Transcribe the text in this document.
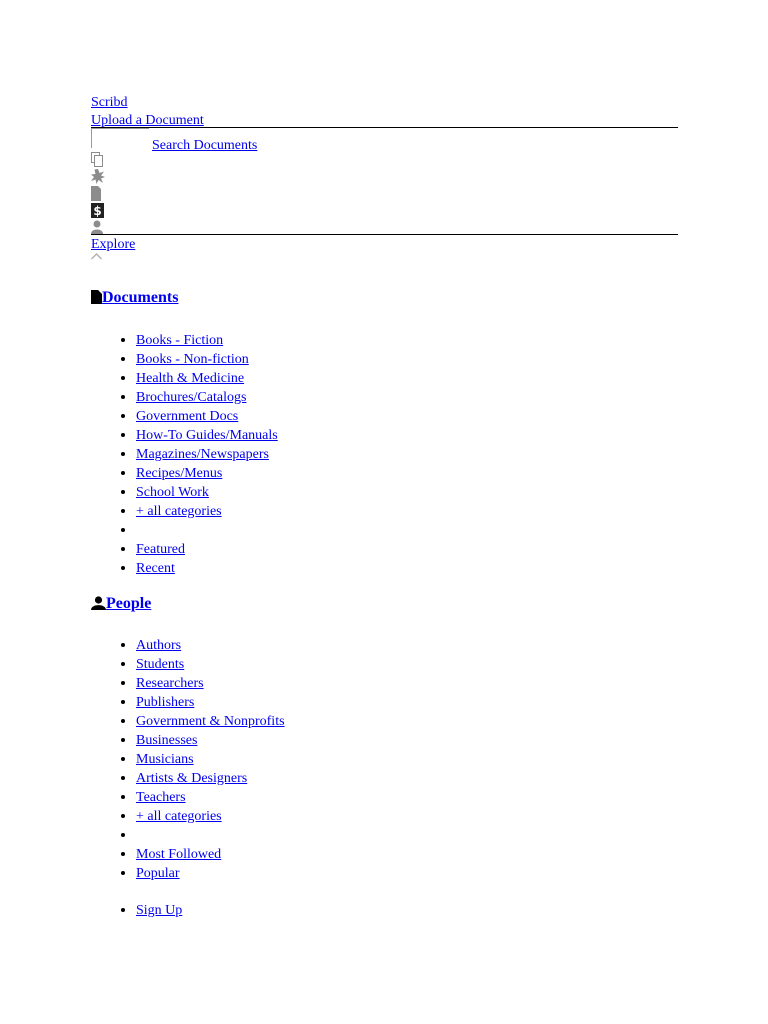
Scribd
Upload a Document
Search Documents
$
Explore
Documents
• Books - Fiction
• Books - Non-fiction
• Health & Medicine
• Brochures/Catalogs
• Government Docs
• How-To Guides/Manuals
• Magazines/Newspapers
• Recipes/Menus
• School Work
• + all categories
•
• Featured
• Recent
People
• Authors
• Students
• Researchers
• Publishers
• Government & Nonprofits
• Businesses
• Musicians
• Artists & Designers
• Teachers
• + all categories
•
• Most Followed
• Popular
• Sign Up
